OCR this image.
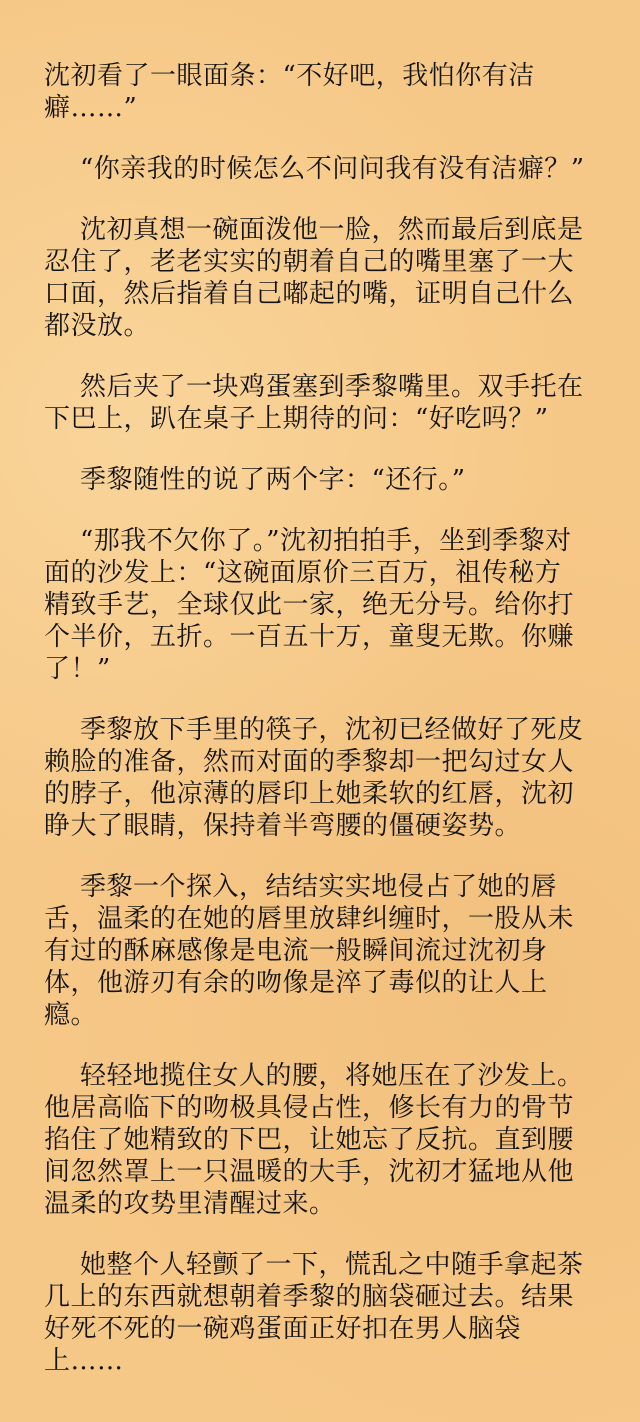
沈初看了一眼面条：“不好吧，我怕你有洁
癖……”

“你亲我的时候怎么不问问我有没有洁癖？”

沈初真想一碗面泼他一脸，然而最后到底是
忍住了，老老实实的朝着自己的嘴里塞了一大
口面，然后指着自己嘟起的嘴，证明自己什么
都没放。

然后夹了一块鸡蛋塞到季黎嘴里。双手托在
下巴上，趴在桌子上期待的问：“好吃吗？”

季黎随性的说了两个字：“还行。”

“那我不欠你了。”沈初拍拍手，坐到季黎对
面的沙发上：“这碗面原价三百万，祖传秘方
精致手艺，全球仅此一家，绝无分号。给你打
个半价，五折。一百五十万，童叟无欺。你赚
了！”

季黎放下手里的筷子，沈初已经做好了死皮
赖脸的准备，然而对面的季黎却一把勾过女人
的脖子，他凉薄的唇印上她柔软的红唇，沈初
睁大了眼睛，保持着半弯腰的僵硬姿势。

季黎一个探入，结结实实地侵占了她的唇
舌，温柔的在她的唇里放肆纠缠时，一股从未
有过的酥麻感像是电流一般瞬间流过沈初身
体，他游刃有余的吻像是淬了毒似的让人上
瘾。

轻轻地揽住女人的腰，将她压在了沙发上。
他居高临下的吻极具侵占性，修长有力的骨节
掐住了她精致的下巴，让她忘了反抗。直到腰
间忽然罩上一只温暖的大手，沈初才猛地从他
温柔的攻势里清醒过来。

她整个人轻颤了一下，慌乱之中随手拿起茶
几上的东西就想朝着季黎的脑袋砸过去。结果
好死不死的一碗鸡蛋面正好扣在男人脑袋
上……
